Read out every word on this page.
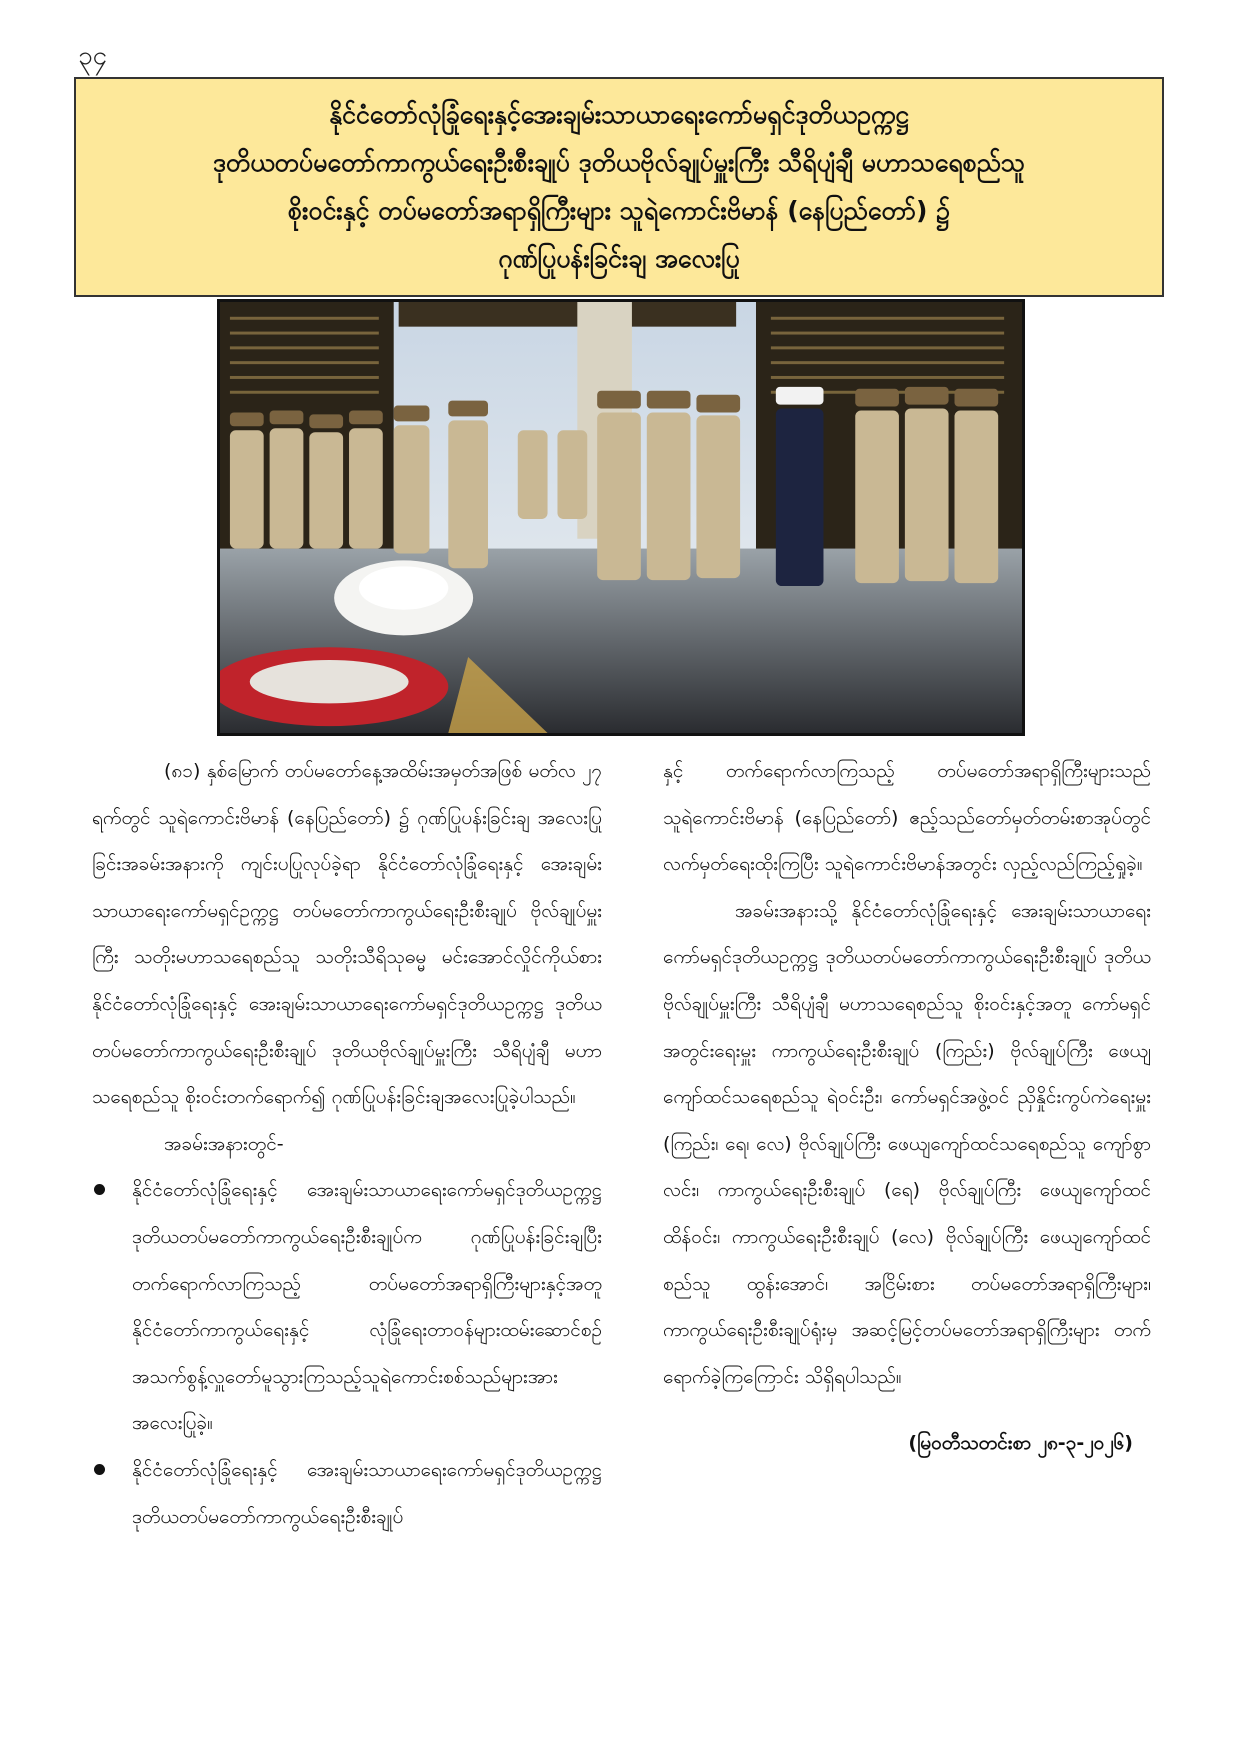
၃၄
နိုင်ငံတော်လုံခြုံရေးနှင့်အေးချမ်းသာယာရေးကော်မရှင်ဒုတိယဥက္ကဋ္ဌ
ဒုတိယတပ်မတော်ကာကွယ်ရေးဦးစီးချုပ် ဒုတိယဗိုလ်ချုပ်မှူးကြီး သီရိပျံချီ မဟာသရေစည်သူ
စိုးဝင်းနှင့် တပ်မတော်အရာရှိကြီးများ သူရဲကောင်းဗိမာန် (နေပြည်တော်) ၌
ဂုဏ်ပြုပန်းခြင်းချ အလေးပြု

(၈၁) နှစ်မြောက် တပ်မတော်နေ့အထိမ်းအမှတ်အဖြစ် မတ်လ ၂၇ ရက်တွင် သူရဲကောင်းဗိမာန် (နေပြည်တော်) ၌ ဂုဏ်ပြုပန်းခြင်းချ အလေးပြုခြင်းအခမ်းအနားကို ကျင်းပပြုလုပ်ခဲ့ရာ နိုင်ငံတော်လုံခြုံရေးနှင့် အေးချမ်းသာယာရေးကော်မရှင်ဥက္ကဋ္ဌ တပ်မတော်ကာကွယ်ရေးဦးစီးချုပ် ဗိုလ်ချုပ်မှူးကြီး သတိုးမဟာသရေစည်သူ သတိုးသီရိသုဓမ္မ မင်းအောင်လှိုင်ကိုယ်စား နိုင်ငံတော်လုံခြုံရေးနှင့် အေးချမ်းသာယာရေးကော်မရှင်ဒုတိယဥက္ကဋ္ဌ ဒုတိယတပ်မတော်ကာကွယ်ရေးဦးစီးချုပ် ဒုတိယဗိုလ်ချုပ်မှူးကြီး သီရိပျံချီ မဟာသရေစည်သူ စိုးဝင်းတက်ရောက်၍ ဂုဏ်ပြုပန်းခြင်းချအလေးပြုခဲ့ပါသည်။

အခမ်းအနားတွင်-

နိုင်ငံတော်လုံခြုံရေးနှင့် အေးချမ်းသာယာရေးကော်မရှင်ဒုတိယဥက္ကဋ္ဌ ဒုတိယတပ်မတော်ကာကွယ်ရေးဦးစီးချုပ်က ဂုဏ်ပြုပန်းခြင်းချပြီး တက်ရောက်လာကြသည့် တပ်မတော်အရာရှိကြီးများနှင့်အတူ နိုင်ငံတော်ကာကွယ်ရေးနှင့် လုံခြုံရေးတာဝန်များထမ်းဆောင်စဉ် အသက်စွန့်လှူတော်မူသွားကြသည့်သူရဲကောင်းစစ်သည်များအားအလေးပြုခဲ့။

နိုင်ငံတော်လုံခြုံရေးနှင့် အေးချမ်းသာယာရေးကော်မရှင်ဒုတိယဥက္ကဋ္ဌ ဒုတိယတပ်မတော်ကာကွယ်ရေးဦးစီးချုပ်

နှင့် တက်ရောက်လာကြသည့် တပ်မတော်အရာရှိကြီးများသည် သူရဲကောင်းဗိမာန် (နေပြည်တော်) ဧည့်သည်တော်မှတ်တမ်းစာအုပ်တွင် လက်မှတ်ရေးထိုးကြပြီး သူရဲကောင်းဗိမာန်အတွင်း လှည့်လည်ကြည့်ရှုခဲ့။

အခမ်းအနားသို့ နိုင်ငံတော်လုံခြုံရေးနှင့် အေးချမ်းသာယာရေးကော်မရှင်ဒုတိယဥက္ကဋ္ဌ ဒုတိယတပ်မတော်ကာကွယ်ရေးဦးစီးချုပ် ဒုတိယဗိုလ်ချုပ်မှူးကြီး သီရိပျံချီ မဟာသရေစည်သူ စိုးဝင်းနှင့်အတူ ကော်မရှင်အတွင်းရေးမှူး ကာကွယ်ရေးဦးစီးချုပ် (ကြည်း) ဗိုလ်ချုပ်ကြီး ဖေယျကျော်ထင်သရေစည်သူ ရဲဝင်းဦး၊ ကော်မရှင်အဖွဲ့ဝင် ညှိနှိုင်းကွပ်ကဲရေးမှူး (ကြည်း၊ ရေ၊ လေ) ဗိုလ်ချုပ်ကြီး ဖေယျကျော်ထင်သရေစည်သူ ကျော်စွာလင်း၊ ကာကွယ်ရေးဦးစီးချုပ် (ရေ) ဗိုလ်ချုပ်ကြီး ဖေယျကျော်ထင် ထိန်ဝင်း၊ ကာကွယ်ရေးဦးစီးချုပ် (လေ) ဗိုလ်ချုပ်ကြီး ဖေယျကျော်ထင်စည်သူ ထွန်းအောင်၊ အငြိမ်းစား တပ်မတော်အရာရှိကြီးများ၊ ကာကွယ်ရေးဦးစီးချုပ်ရုံးမှ အဆင့်မြင့်တပ်မတော်အရာရှိကြီးများ တက်ရောက်ခဲ့ကြကြောင်း သိရှိရပါသည်။

(မြဝတီသတင်းစာ ၂၈-၃-၂၀၂၆)
